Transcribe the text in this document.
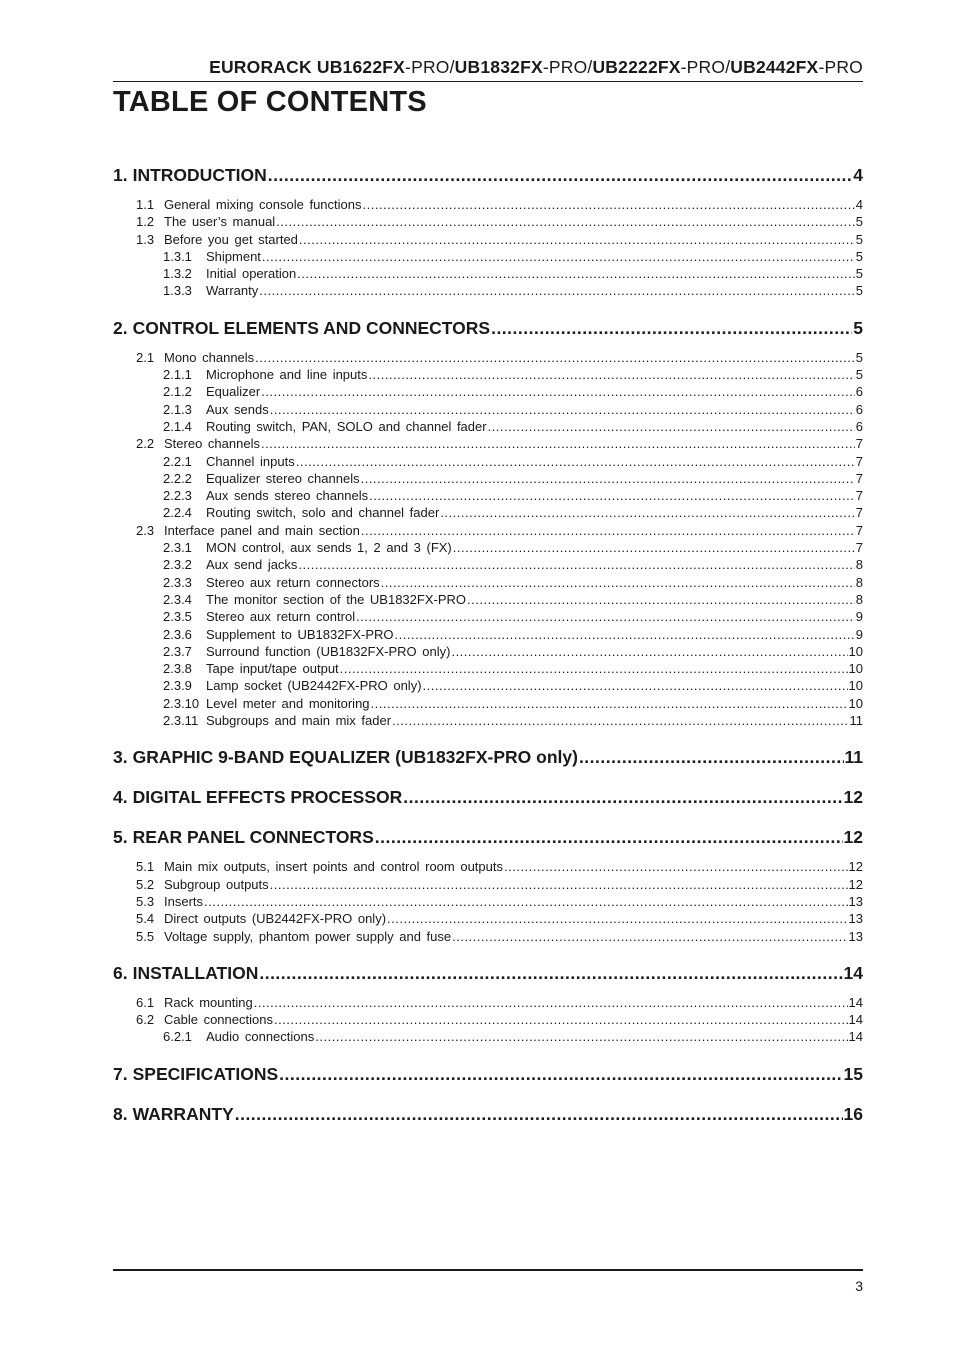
EURORACK UB1622FX-PRO/UB1832FX-PRO/UB2222FX-PRO/UB2442FX-PRO
TABLE OF CONTENTS
1. INTRODUCTION .....	4
1.1 General mixing console functions .....	4
1.2 The user’s manual .....	5
1.3 Before you get started .....	5
1.3.1	Shipment .....	5
1.3.2	Initial operation .....	5
1.3.3	Warranty .....	5
2. CONTROL ELEMENTS AND CONNECTORS .....	5
2.1 Mono channels .....	5
2.1.1	Microphone and line inputs .....	5
2.1.2	Equalizer .....	6
2.1.3	Aux sends .....	6
2.1.4	Routing switch, PAN, SOLO and channel fader .....	6
2.2 Stereo channels .....	7
2.2.1	Channel inputs .....	7
2.2.2	Equalizer stereo channels .....	7
2.2.3	Aux sends stereo channels .....	7
2.2.4	Routing switch, solo and channel fader .....	7
2.3 Interface panel and main section .....	7
2.3.1	MON control, aux sends 1, 2 and 3 (FX) .....	7
2.3.2	Aux send jacks .....	8
2.3.3	Stereo aux return connectors .....	8
2.3.4	The monitor section of the UB1832FX-PRO .....	8
2.3.5	Stereo aux return control .....	9
2.3.6	Supplement to UB1832FX-PRO .....	9
2.3.7	Surround function (UB1832FX-PRO only) .....	10
2.3.8	Tape input/tape output .....	10
2.3.9	Lamp socket (UB2442FX-PRO only) .....	10
2.3.10 Level meter and monitoring .....	10
2.3.11 Subgroups and main mix fader .....	11
3. GRAPHIC 9-BAND EQUALIZER (UB1832FX-PRO only) .....	11
4. DIGITAL EFFECTS PROCESSOR .....	12
5. REAR PANEL CONNECTORS .....	12
5.1 Main mix outputs, insert points and control room outputs .....	12
5.2 Subgroup outputs .....	12
5.3 Inserts .....	13
5.4 Direct outputs (UB2442FX-PRO only) .....	13
5.5 Voltage supply, phantom power supply and fuse .....	13
6. INSTALLATION .....	14
6.1 Rack mounting .....	14
6.2 Cable connections .....	14
6.2.1	Audio connections .....	14
7. SPECIFICATIONS .....	15
8. WARRANTY .....	16
3
